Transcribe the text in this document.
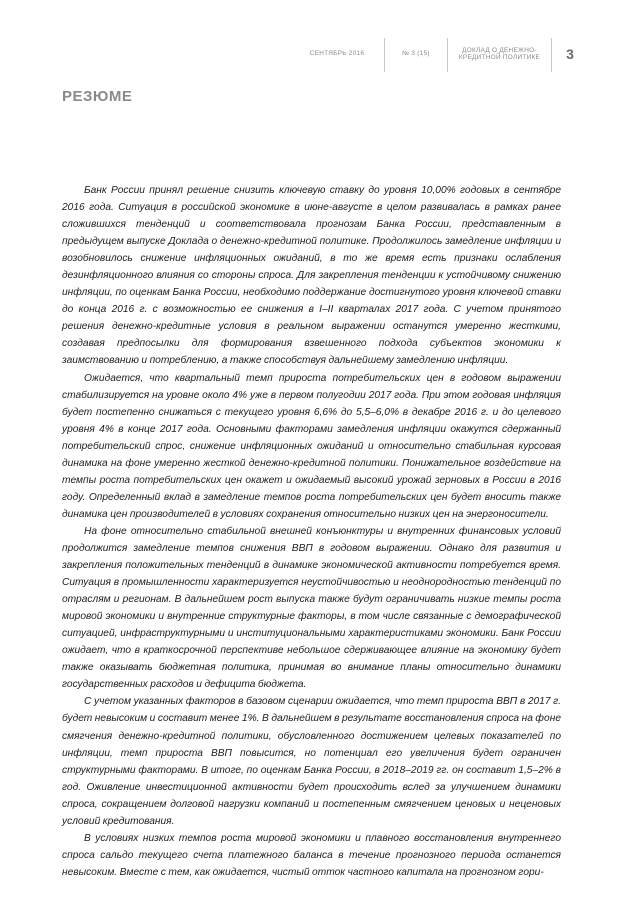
СЕНТЯБРЬ 2016	№ 3 (15)
ДОКЛАД О ДЕНЕЖНО-КРЕДИТНОЙ ПОЛИТИКЕ	3
РЕЗЮМЕ

Банк России принял решение снизить ключевую ставку до уровня 10,00% годовых в сентябре 2016 года. Ситуация в российской экономике в июне-августе в целом развивалась в рамках ранее сложившихся тенденций и соответствовала прогнозам Банка России, представленным в предыдущем выпуске Доклада о денежно-кредитной политике. Продолжилось замедление инфляции и возобновилось снижение инфляционных ожиданий, в то же время есть признаки ослабления дезинфляционного влияния со стороны спроса. Для закрепления тенденции к устойчивому снижению инфляции, по оценкам Банка России, необходимо поддержание достигнутого уровня ключевой ставки до конца 2016 г. с возможностью ее снижения в I–II кварталах 2017 года. С учетом принятого решения денежно-кредитные условия в реальном выражении останутся умеренно жесткими, создавая предпосылки для формирования взвешенного подхода субъектов экономики к заимствованию и потреблению, а также способствуя дальнейшему замедлению инфляции.

Ожидается, что квартальный темп прироста потребительских цен в годовом выражении стабилизируется на уровне около 4% уже в первом полугодии 2017 года. При этом годовая инфляция будет постепенно снижаться с текущего уровня 6,6% до 5,5–6,0% в декабре 2016 г. и до целевого уровня 4% в конце 2017 года. Основными факторами замедления инфляции окажутся сдержанный потребительский спрос, снижение инфляционных ожиданий и относительно стабильная курсовая динамика на фоне умеренно жесткой денежно-кредитной политики. Понижательное воздействие на темпы роста потребительских цен окажет и ожидаемый высокий урожай зерновых в России в 2016 году. Определенный вклад в замедление темпов роста потребительских цен будет вносить также динамика цен производителей в условиях сохранения относительно низких цен на энергоносители.

На фоне относительно стабильной внешней конъюнктуры и внутренних финансовых условий продолжится замедление темпов снижения ВВП в годовом выражении. Однако для развития и закрепления положительных тенденций в динамике экономической активности потребуется время. Ситуация в промышленности характеризуется неустойчивостью и неоднородностью тенденций по отраслям и регионам. В дальнейшем рост выпуска также будут ограничивать низкие темпы роста мировой экономики и внутренние структурные факторы, в том числе связанные с демографической ситуацией, инфраструктурными и институциональными характеристиками экономики. Банк России ожидает, что в краткосрочной перспективе небольшое сдерживающее влияние на экономику будет также оказывать бюджетная политика, принимая во внимание планы относительно динамики государственных расходов и дефицита бюджета.

С учетом указанных факторов в базовом сценарии ожидается, что темп прироста ВВП в 2017 г. будет невысоким и составит менее 1%. В дальнейшем в результате восстановления спроса на фоне смягчения денежно-кредитной политики, обусловленного достижением целевых показателей по инфляции, темп прироста ВВП повысится, но потенциал его увеличения будет ограничен структурными факторами. В итоге, по оценкам Банка России, в 2018–2019 гг. он составит 1,5–2% в год. Оживление инвестиционной активности будет происходить вслед за улучшением динамики спроса, сокращением долговой нагрузки компаний и постепенным смягчением ценовых и неценовых условий кредитования.

В условиях низких темпов роста мировой экономики и плавного восстановления внутреннего спроса сальдо текущего счета платежного баланса в течение прогнозного периода останется невысоким. Вместе с тем, как ожидается, чистый отток частного капитала на прогнозном гори-
